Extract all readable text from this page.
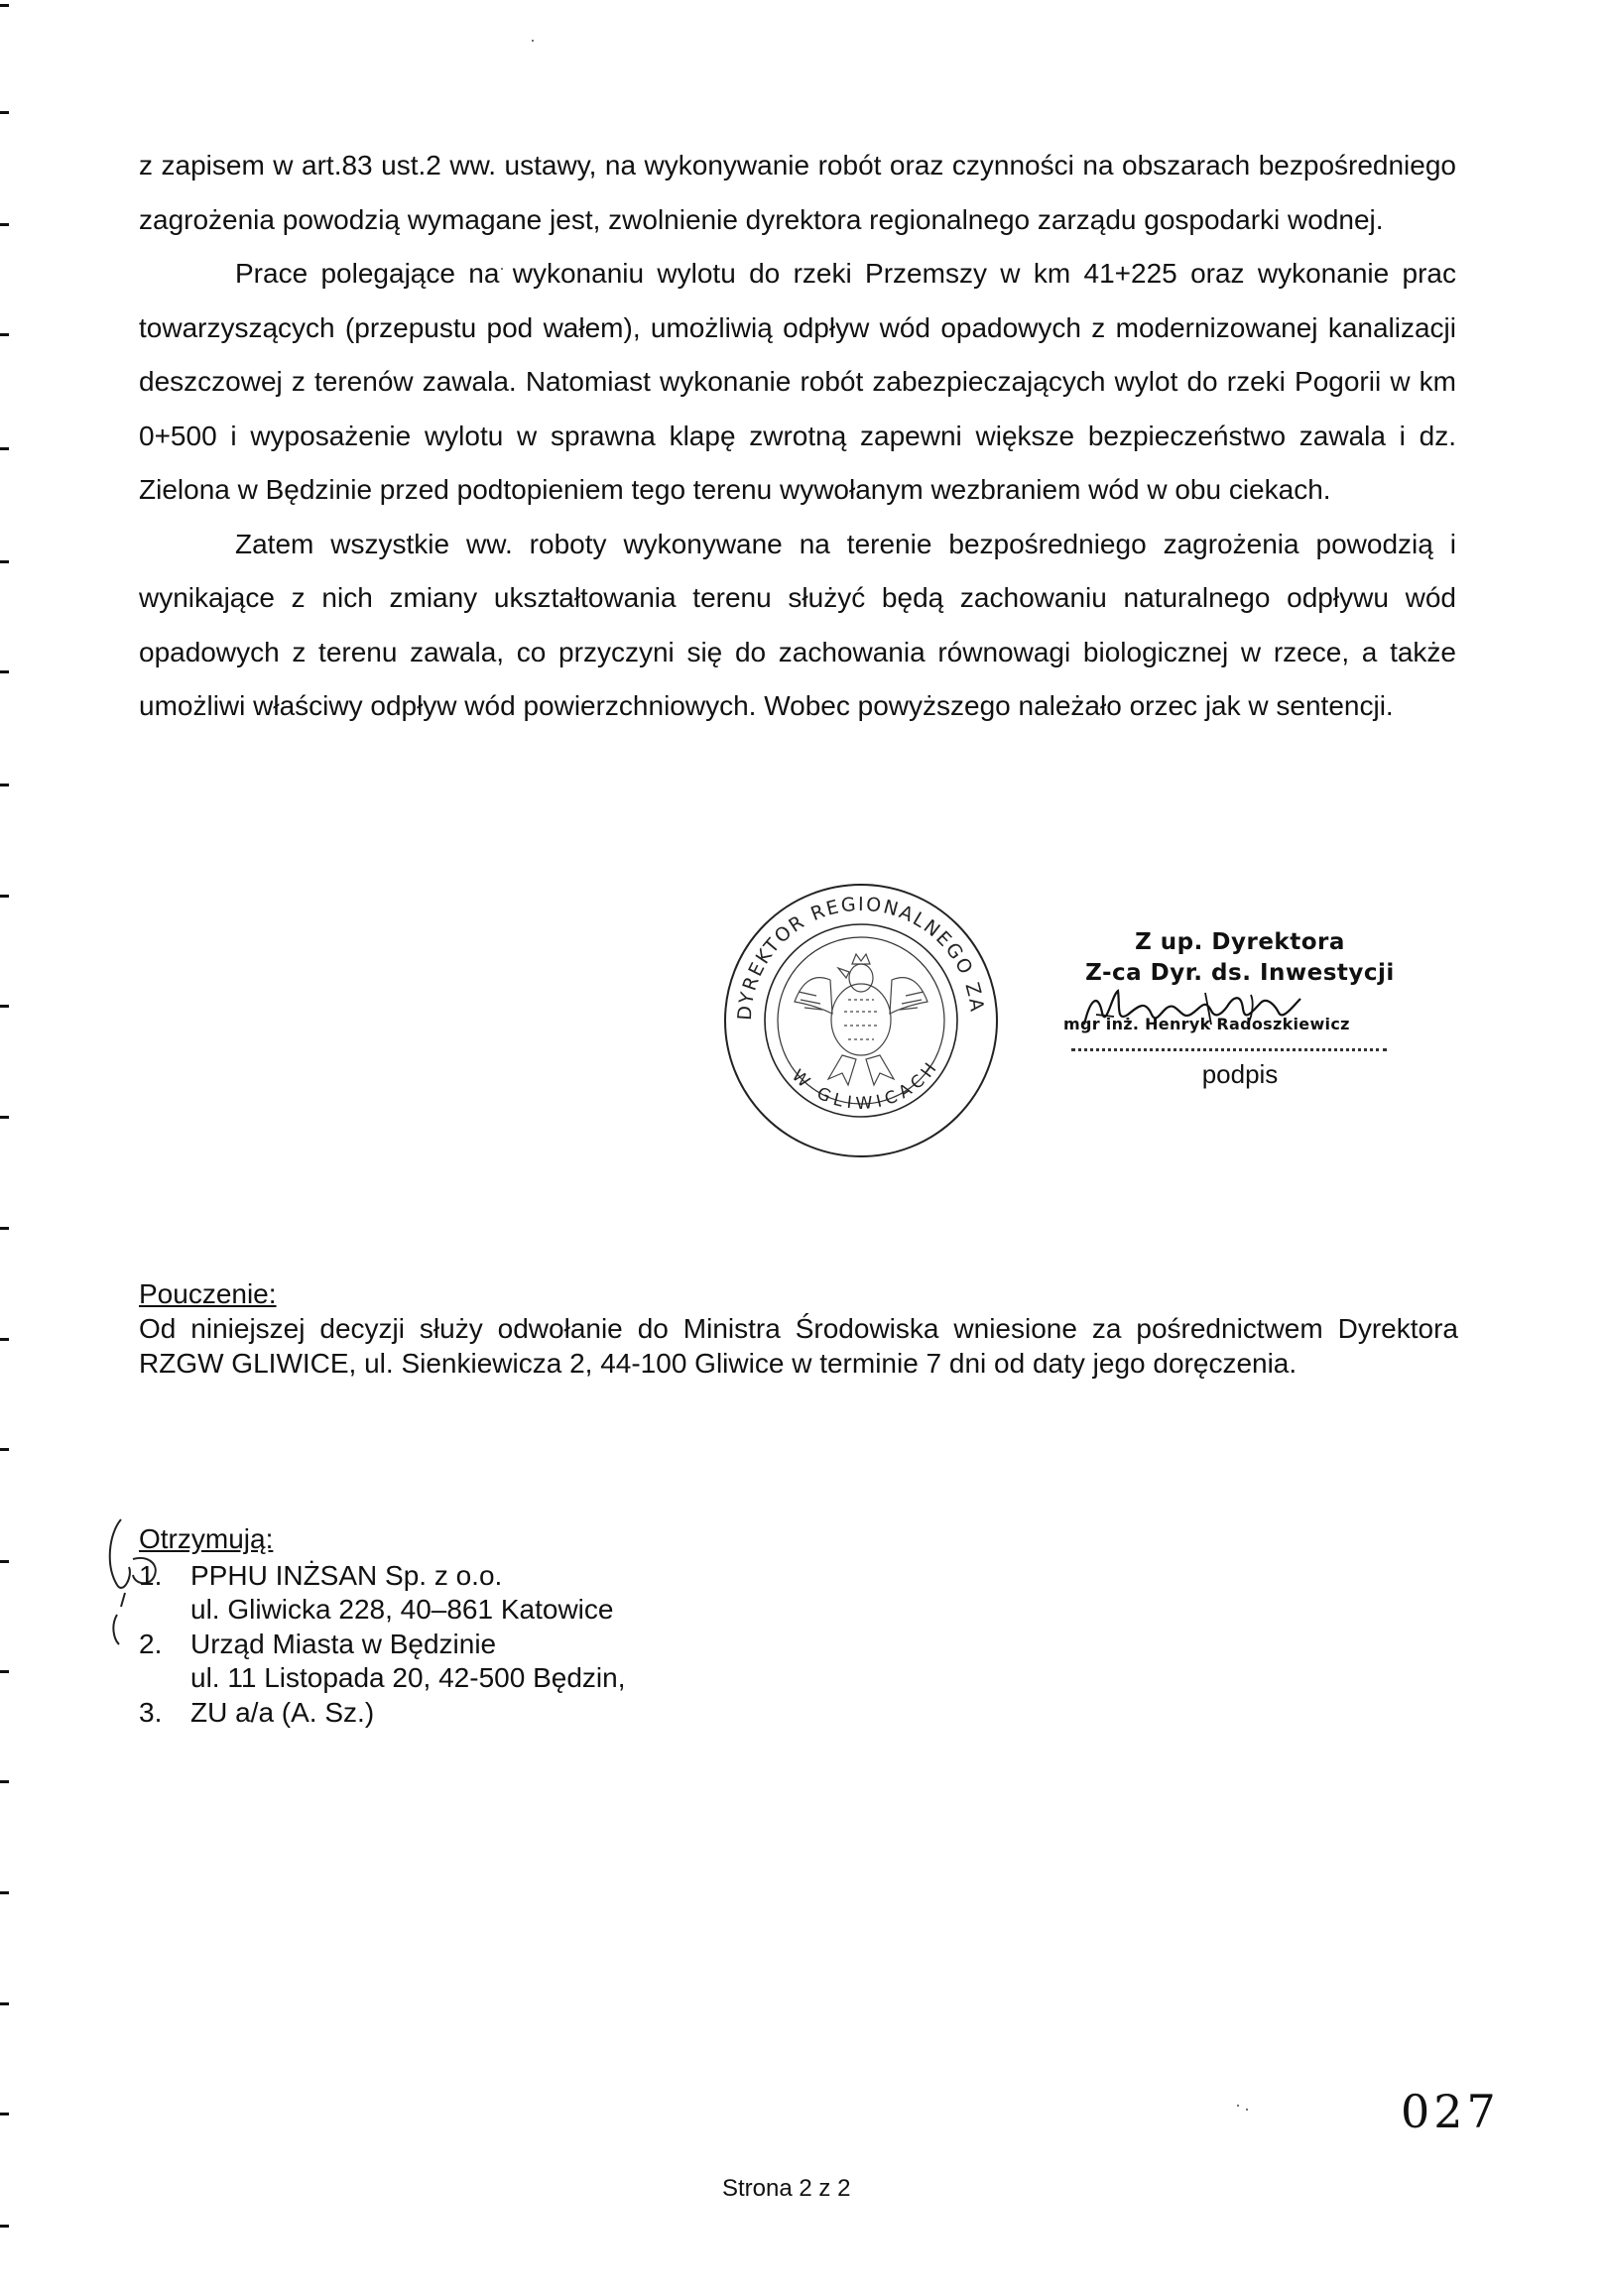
z zapisem w art.83 ust.2 ww. ustawy, na wykonywanie robót oraz czynności na obszarach bezpośredniego zagrożenia powodzią wymagane jest, zwolnienie dyrektora regionalnego zarządu gospodarki wodnej.

Prace polegające na wykonaniu wylotu do rzeki Przemszy w km 41+225 oraz wykonanie prac towarzyszących (przepustu pod wałem), umożliwią odpływ wód opadowych z modernizowanej kanalizacji deszczowej z terenów zawala. Natomiast wykonanie robót zabezpieczających wylot do rzeki Pogorii w km 0+500 i wyposażenie wylotu w sprawna klapę zwrotną zapewni większe bezpieczeństwo zawala i dz. Zielona w Będzinie przed podtopieniem tego terenu wywołanym wezbraniem wód w obu ciekach.

Zatem wszystkie ww. roboty wykonywane na terenie bezpośredniego zagrożenia powodzią i wynikające z nich zmiany ukształtowania terenu służyć będą zachowaniu naturalnego odpływu wód opadowych z terenu zawala, co przyczyni się do zachowania równowagi biologicznej w rzece, a także umożliwi właściwy odpływ wód powierzchniowych. Wobec powyższego należało orzec jak w sentencji.

DYREKTOR REGIONALNEGO ZA
W GLIWICACH
Z up. Dyrektora
Z-ca Dyr. ds. Inwestycji
mgr inż. Henryk Radoszkiewicz
podpis

Pouczenie:

Od niniejszej decyzji służy odwołanie do Ministra Środowiska wniesione za pośrednictwem Dyrektora RZGW GLIWICE, ul. Sienkiewicza 2, 44-100 Gliwice w terminie 7 dni od daty jego doręczenia.

Otrzymują:

1.	PPHU INŻSAN Sp. z o.o.
ul. Gliwicka 228, 40–861 Katowice
2.	Urząd Miasta w Będzinie
ul. 11 Listopada 20, 42-500 Będzin,
3.	ZU a/a (A. Sz.)
027
Strona 2 z 2
